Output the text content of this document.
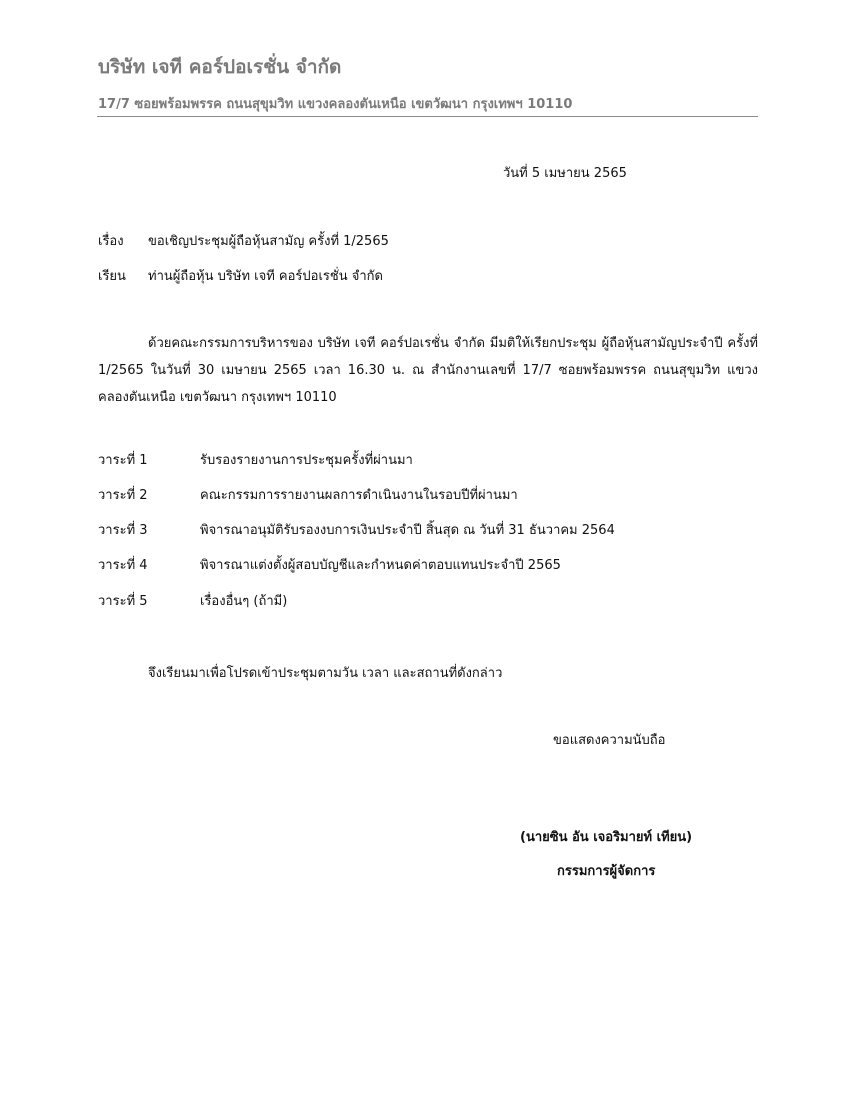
บริษัท เจที คอร์ปอเรชั่น จำกัด
17/7 ซอยพร้อมพรรค ถนนสุขุมวิท แขวงคลองตันเหนือ เขตวัฒนา กรุงเทพฯ 10110
วันที่ 5 เมษายน 2565
เรื่อง ขอเชิญประชุมผู้ถือหุ้นสามัญ ครั้งที่ 1/2565
เรียน ท่านผู้ถือหุ้น บริษัท เจที คอร์ปอเรชั่น จำกัด

ด้วยคณะกรรมการบริหารของ บริษัท เจที คอร์ปอเรชั่น จำกัด มีมติให้เรียกประชุม ผู้ถือหุ้นสามัญประจำปี ครั้งที่ 1/2565 ในวันที่ 30 เมษายน 2565 เวลา 16.30 น. ณ สำนักงานเลขที่ 17/7 ซอยพร้อมพรรค ถนนสุขุมวิท แขวงคลองตันเหนือ เขตวัฒนา กรุงเทพฯ 10110

วาระที่ 1	รับรองรายงานการประชุมครั้งที่ผ่านมา
วาระที่ 2	คณะกรรมการรายงานผลการดำเนินงานในรอบปีที่ผ่านมา
วาระที่ 3	พิจารณาอนุมัติรับรองงบการเงินประจำปี สิ้นสุด ณ วันที่ 31 ธันวาคม 2564
วาระที่ 4	พิจารณาแต่งตั้งผู้สอบบัญชีและกำหนดค่าตอบแทนประจำปี 2565
วาระที่ 5	เรื่องอื่นๆ (ถ้ามี)
จึงเรียนมาเพื่อโปรดเข้าประชุมตามวัน เวลา และสถานที่ดังกล่าว
ขอแสดงความนับถือ
(นายซิน อัน เจอริมายท์ เทียน)
กรรมการผู้จัดการ
